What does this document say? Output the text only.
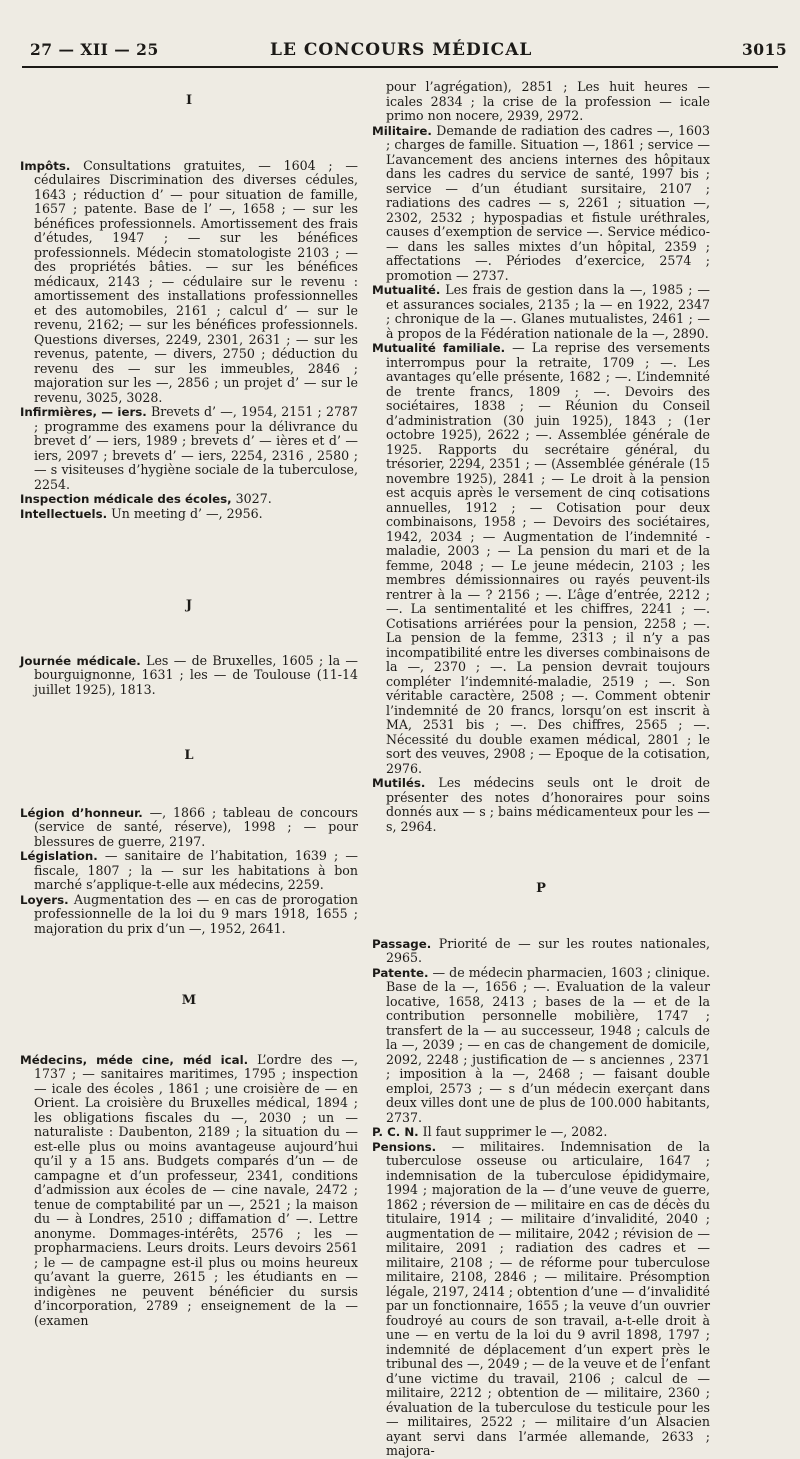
27 — XII — 25	LE CONCOURS MÉDICAL	3015
I

Impôts. Consultations gratuites, — 1604 ; — cédulaires Discrimination des diverses cédules, 1643 ; réduction d’ — pour situation de famille, 1657 ; patente. Base de l’ —, 1658 ; — sur les bénéfices professionnels. Amortissement des frais d’études, 1947 ; — sur les bénéfices professionnels. Médecin stomatologiste 2103 ; — des propriétés bâties. — sur les bénéfices médicaux, 2143 ; — cédulaire sur le revenu : amortissement des installations professionnelles et des automobiles, 2161 ; calcul d’ — sur le revenu, 2162; — sur les bénéfices professionnels. Questions diverses, 2249, 2301, 2631 ; — sur les revenus, patente, — divers, 2750 ; déduction du revenu des — sur les immeubles, 2846 ; majoration sur les —, 2856 ; un projet d’ — sur le revenu, 3025, 3028.

Infirmières, — iers. Brevets d’ —, 1954, 2151 ; 2787 ; programme des examens pour la délivrance du brevet d’ — iers, 1989 ; brevets d’ — ières et d’ — iers, 2097 ; brevets d’ — iers, 2254, 2316 , 2580 ; — s visiteuses d’hygiène sociale de la tuberculose, 2254.

Inspection médicale des écoles, 3027.

Intellectuels. Un meeting d’ —, 2956.

J

Journée médicale. Les — de Bruxelles, 1605 ; la — bourguignonne, 1631 ; les — de Toulouse (11-14 juillet 1925), 1813.

L

Légion d’honneur. —, 1866 ; tableau de concours (service de santé, réserve), 1998 ; — pour blessures de guerre, 2197.

Législation. — sanitaire de l’habitation, 1639 ; — fiscale, 1807 ; la — sur les habitations à bon marché s’applique-t-elle aux médecins, 2259.

Loyers. Augmentation des — en cas de prorogation professionnelle de la loi du 9 mars 1918, 1655 ; majoration du prix d’un —, 1952, 2641.

M

Médecins, méde cine, méd ical. L’ordre des —, 1737 ; — sanitaires maritimes, 1795 ; inspection — icale des écoles , 1861 ; une croisière de — en Orient. La croisière du Bruxelles médical, 1894 ; les obligations fiscales du —, 2030 ; un — naturaliste : Daubenton, 2189 ; la situation du — est-elle plus ou moins avantageuse aujourd’hui qu’il y a 15 ans. Budgets comparés d’un — de campagne et d’un professeur, 2341, conditions d’admission aux écoles de — cine navale, 2472 ; tenue de comptabilité par un —, 2521 ; la maison du — à Londres, 2510 ; diffamation d’ —. Lettre anonyme. Dommages-intérêts, 2576 ; les — propharmaciens. Leurs droits. Leurs devoirs 2561 ; le — de campagne est-il plus ou moins heureux qu’avant la guerre, 2615 ; les étudiants en — indigènes ne peuvent bénéficier du sursis d’incorporation, 2789 ; enseignement de la — (examen

pour l’agrégation), 2851 ; Les huit heures — icales 2834 ; la crise de la profession — icale primo non nocere, 2939, 2972.

Militaire. Demande de radiation des cadres —, 1603 ; charges de famille. Situation —, 1861 ; service — L’avancement des anciens internes des hôpitaux dans les cadres du service de santé, 1997 bis ; service — d’un étudiant sursitaire, 2107 ; radiations des cadres — s, 2261 ; situation —, 2302, 2532 ; hypospadias et fistule uréthrales, causes d’exemption de service —. Service médico- — dans les salles mixtes d’un hôpital, 2359 ; affectations —. Périodes d’exercice, 2574 ; promotion — 2737.

Mutualité. Les frais de gestion dans la —, 1985 ; — et assurances sociales, 2135 ; la — en 1922, 2347 ; chronique de la —. Glanes mutualistes, 2461 ; — à propos de la Fédération nationale de la —, 2890.

Mutualité familiale. — La reprise des versements interrompus pour la retraite, 1709 ; —. Les avantages qu’elle présente, 1682 ; —. L’indemnité de trente francs, 1809 ; —. Devoirs des sociétaires, 1838 ; — Réunion du Conseil d’administration (30 juin 1925), 1843 ; (1er octobre 1925), 2622 ; —. Assemblée générale de 1925. Rapports du secrétaire général, du trésorier, 2294, 2351 ; — (Assemblée générale (15 novembre 1925), 2841 ; — Le droit à la pension est acquis après le versement de cinq cotisations annuelles, 1912 ; — Cotisation pour deux combinaisons, 1958 ; — Devoirs des sociétaires, 1942, 2034 ; — Augmentation de l’indemnité -maladie, 2003 ; — La pension du mari et de la femme, 2048 ; — Le jeune médecin, 2103 ; les membres démissionnaires ou rayés peuvent-ils rentrer à la — ? 2156 ; —. L’âge d’entrée, 2212 ; —. La sentimentalité et les chiffres, 2241 ; —. Cotisations arriérées pour la pension, 2258 ; —. La pension de la femme, 2313 ; il n’y a pas incompatibilité entre les diverses combinaisons de la —, 2370 ; —. La pension devrait toujours compléter l’indemnité-maladie, 2519 ; —. Son véritable caractère, 2508 ; —. Comment obtenir l’indemnité de 20 francs, lorsqu’on est inscrit à MA, 2531 bis ; —. Des chiffres, 2565 ; —. Nécessité du double examen médical, 2801 ; le sort des veuves, 2908 ; — Epoque de la cotisation, 2976.

Mutilés. Les médecins seuls ont le droit de présenter des notes d’honoraires pour soins donnés aux — s ; bains médicamenteux pour les — s, 2964.

P

Passage. Priorité de — sur les routes nationales, 2965.

Patente. — de médecin pharmacien, 1603 ; clinique. Base de la —, 1656 ; —. Evaluation de la valeur locative, 1658, 2413 ; bases de la — et de la contribution personnelle mobilière, 1747 ; transfert de la — au successeur, 1948 ; calculs de la —, 2039 ; — en cas de changement de domicile, 2092, 2248 ; justification de — s anciennes , 2371 ; imposition à la —, 2468 ; — faisant double emploi, 2573 ; — s d’un médecin exerçant dans deux villes dont une de plus de 100.000 habitants, 2737.

P. C. N. Il faut supprimer le —, 2082.

Pensions. — militaires. Indemnisation de la tuberculose osseuse ou articulaire, 1647 ; indemnisation de la tuberculose épididymaire, 1994 ; majoration de la — d’une veuve de guerre, 1862 ; réversion de — militaire en cas de décès du titulaire, 1914 ; — militaire d’invalidité, 2040 ; augmentation de — militaire, 2042 ; révision de — militaire, 2091 ; radiation des cadres et — militaire, 2108 ; — de réforme pour tuberculose militaire, 2108, 2846 ; — militaire. Présomption légale, 2197, 2414 ; obtention d’une — d’invalidité par un fonctionnaire, 1655 ; la veuve d’un ouvrier foudroyé au cours de son travail, a-t-elle droit à une — en vertu de la loi du 9 avril 1898, 1797 ; indemnité de déplacement d’un expert près le tribunal des —, 2049 ; — de la veuve et de l’enfant d’une victime du travail, 2106 ; calcul de — militaire, 2212 ; obtention de — militaire, 2360 ; évaluation de la tuberculose du testicule pour les — militaires, 2522 ; — militaire d’un Alsacien ayant servi dans l’armée allemande, 2633 ; majora-
